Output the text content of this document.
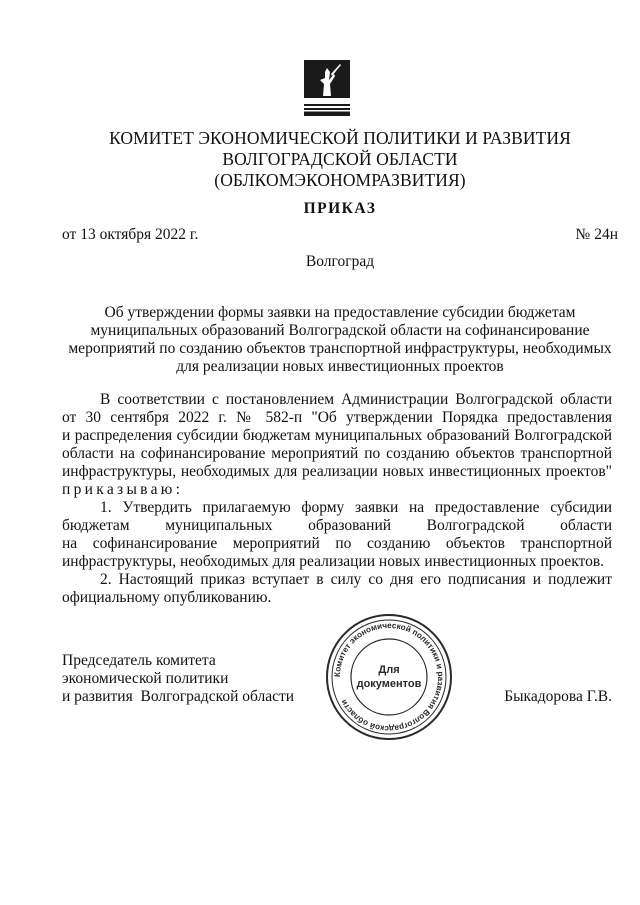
КОМИТЕТ ЭКОНОМИЧЕСКОЙ ПОЛИТИКИ И РАЗВИТИЯ
ВОЛГОГРАДСКОЙ ОБЛАСТИ
(ОБЛКОМЭКОНОМРАЗВИТИЯ)
ПРИКАЗ
от 13 октября 2022 г.	№ 24н
Волгоград
Об утверждении формы заявки на предоставление субсидии бюджетам
муниципальных образований Волгоградской области на софинансирование
мероприятий по созданию объектов транспортной инфраструктуры, необходимых
для реализации новых инвестиционных проектов
В соответствии с постановлением Администрации Волгоградской области
от 30 сентября 2022 г. № 582-п "Об утверждении Порядка предоставления
и распределения субсидии бюджетам муниципальных образований Волгоградской
области на софинансирование мероприятий по созданию объектов транспортной
инфраструктуры, необходимых для реализации новых инвестиционных проектов"
приказываю:
1. Утвердить прилагаемую форму заявки на предоставление субсидии
бюджетам муниципальных образований Волгоградской области
на софинансирование мероприятий по созданию объектов транспортной
инфраструктуры, необходимых для реализации новых инвестиционных проектов.
2. Настоящий приказ вступает в силу со дня его подписания и подлежит
официальному опубликованию.
Председатель комитета
экономической политики
и развития  Волгоградской области
Комитет экономической политики и развития Волгоградской области
Для
документов
Быкадорова Г.В.
